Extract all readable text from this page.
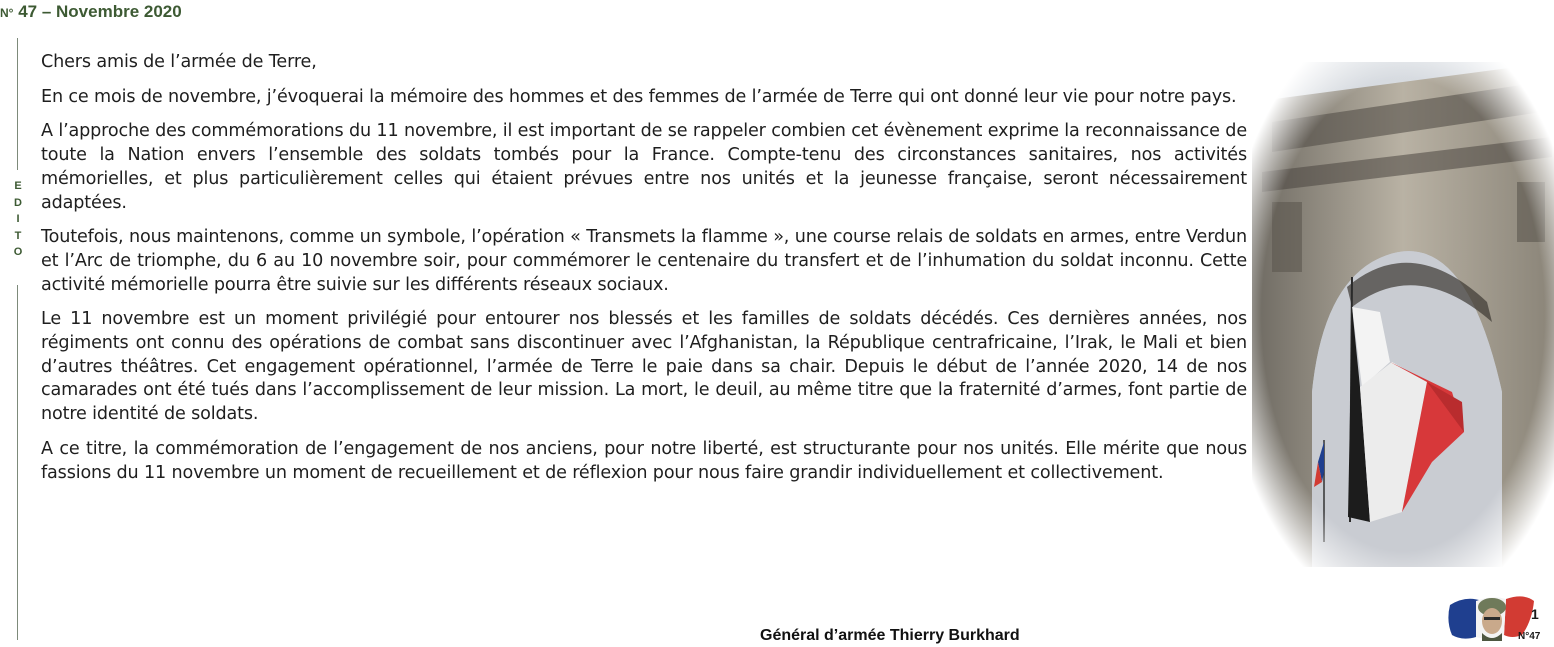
N° 47 – Novembre 2020
E
D
I
T
O

Chers amis de l’armée de Terre,

En ce mois de novembre, j’évoquerai la mémoire des hommes et des femmes de l’armée de Terre qui ont donné leur vie pour notre pays.

A l’approche des commémorations du 11 novembre, il est important de se rappeler combien cet évènement exprime la reconnaissance de toute la Nation envers l’ensemble des soldats tombés pour la France. Compte-tenu des circonstances sanitaires, nos activités mémorielles, et plus particulièrement celles qui étaient prévues entre nos unités et la jeunesse française, seront nécessairement adaptées.

Toutefois, nous maintenons, comme un symbole, l’opération « Transmets la flamme », une course relais de soldats en armes, entre Verdun et l’Arc de triomphe, du 6 au 10 novembre soir, pour commémorer le centenaire du transfert et de l’inhumation du soldat inconnu. Cette activité mémorielle pourra être suivie sur les différents réseaux sociaux.

Le 11 novembre est un moment privilégié pour entourer nos blessés et les familles de soldats décédés. Ces dernières années, nos régiments ont connu des opérations de combat sans discontinuer avec l’Afghanistan, la République centrafricaine, l’Irak, le Mali et bien d’autres théâtres. Cet engagement opérationnel, l’armée de Terre le paie dans sa chair. Depuis le début de l’année 2020, 14 de nos camarades ont été tués dans l’accomplissement de leur mission. La mort, le deuil, au même titre que la fraternité d’armes, font partie de notre identité de soldats.

A ce titre, la commémoration de l’engagement de nos anciens, pour notre liberté, est structurante pour nos unités. Elle mérite que nous fassions du 11 novembre un moment de recueillement et de réflexion pour nous faire grandir individuellement et collectivement.

Général d’armée Thierry Burkhard
1
N°47
